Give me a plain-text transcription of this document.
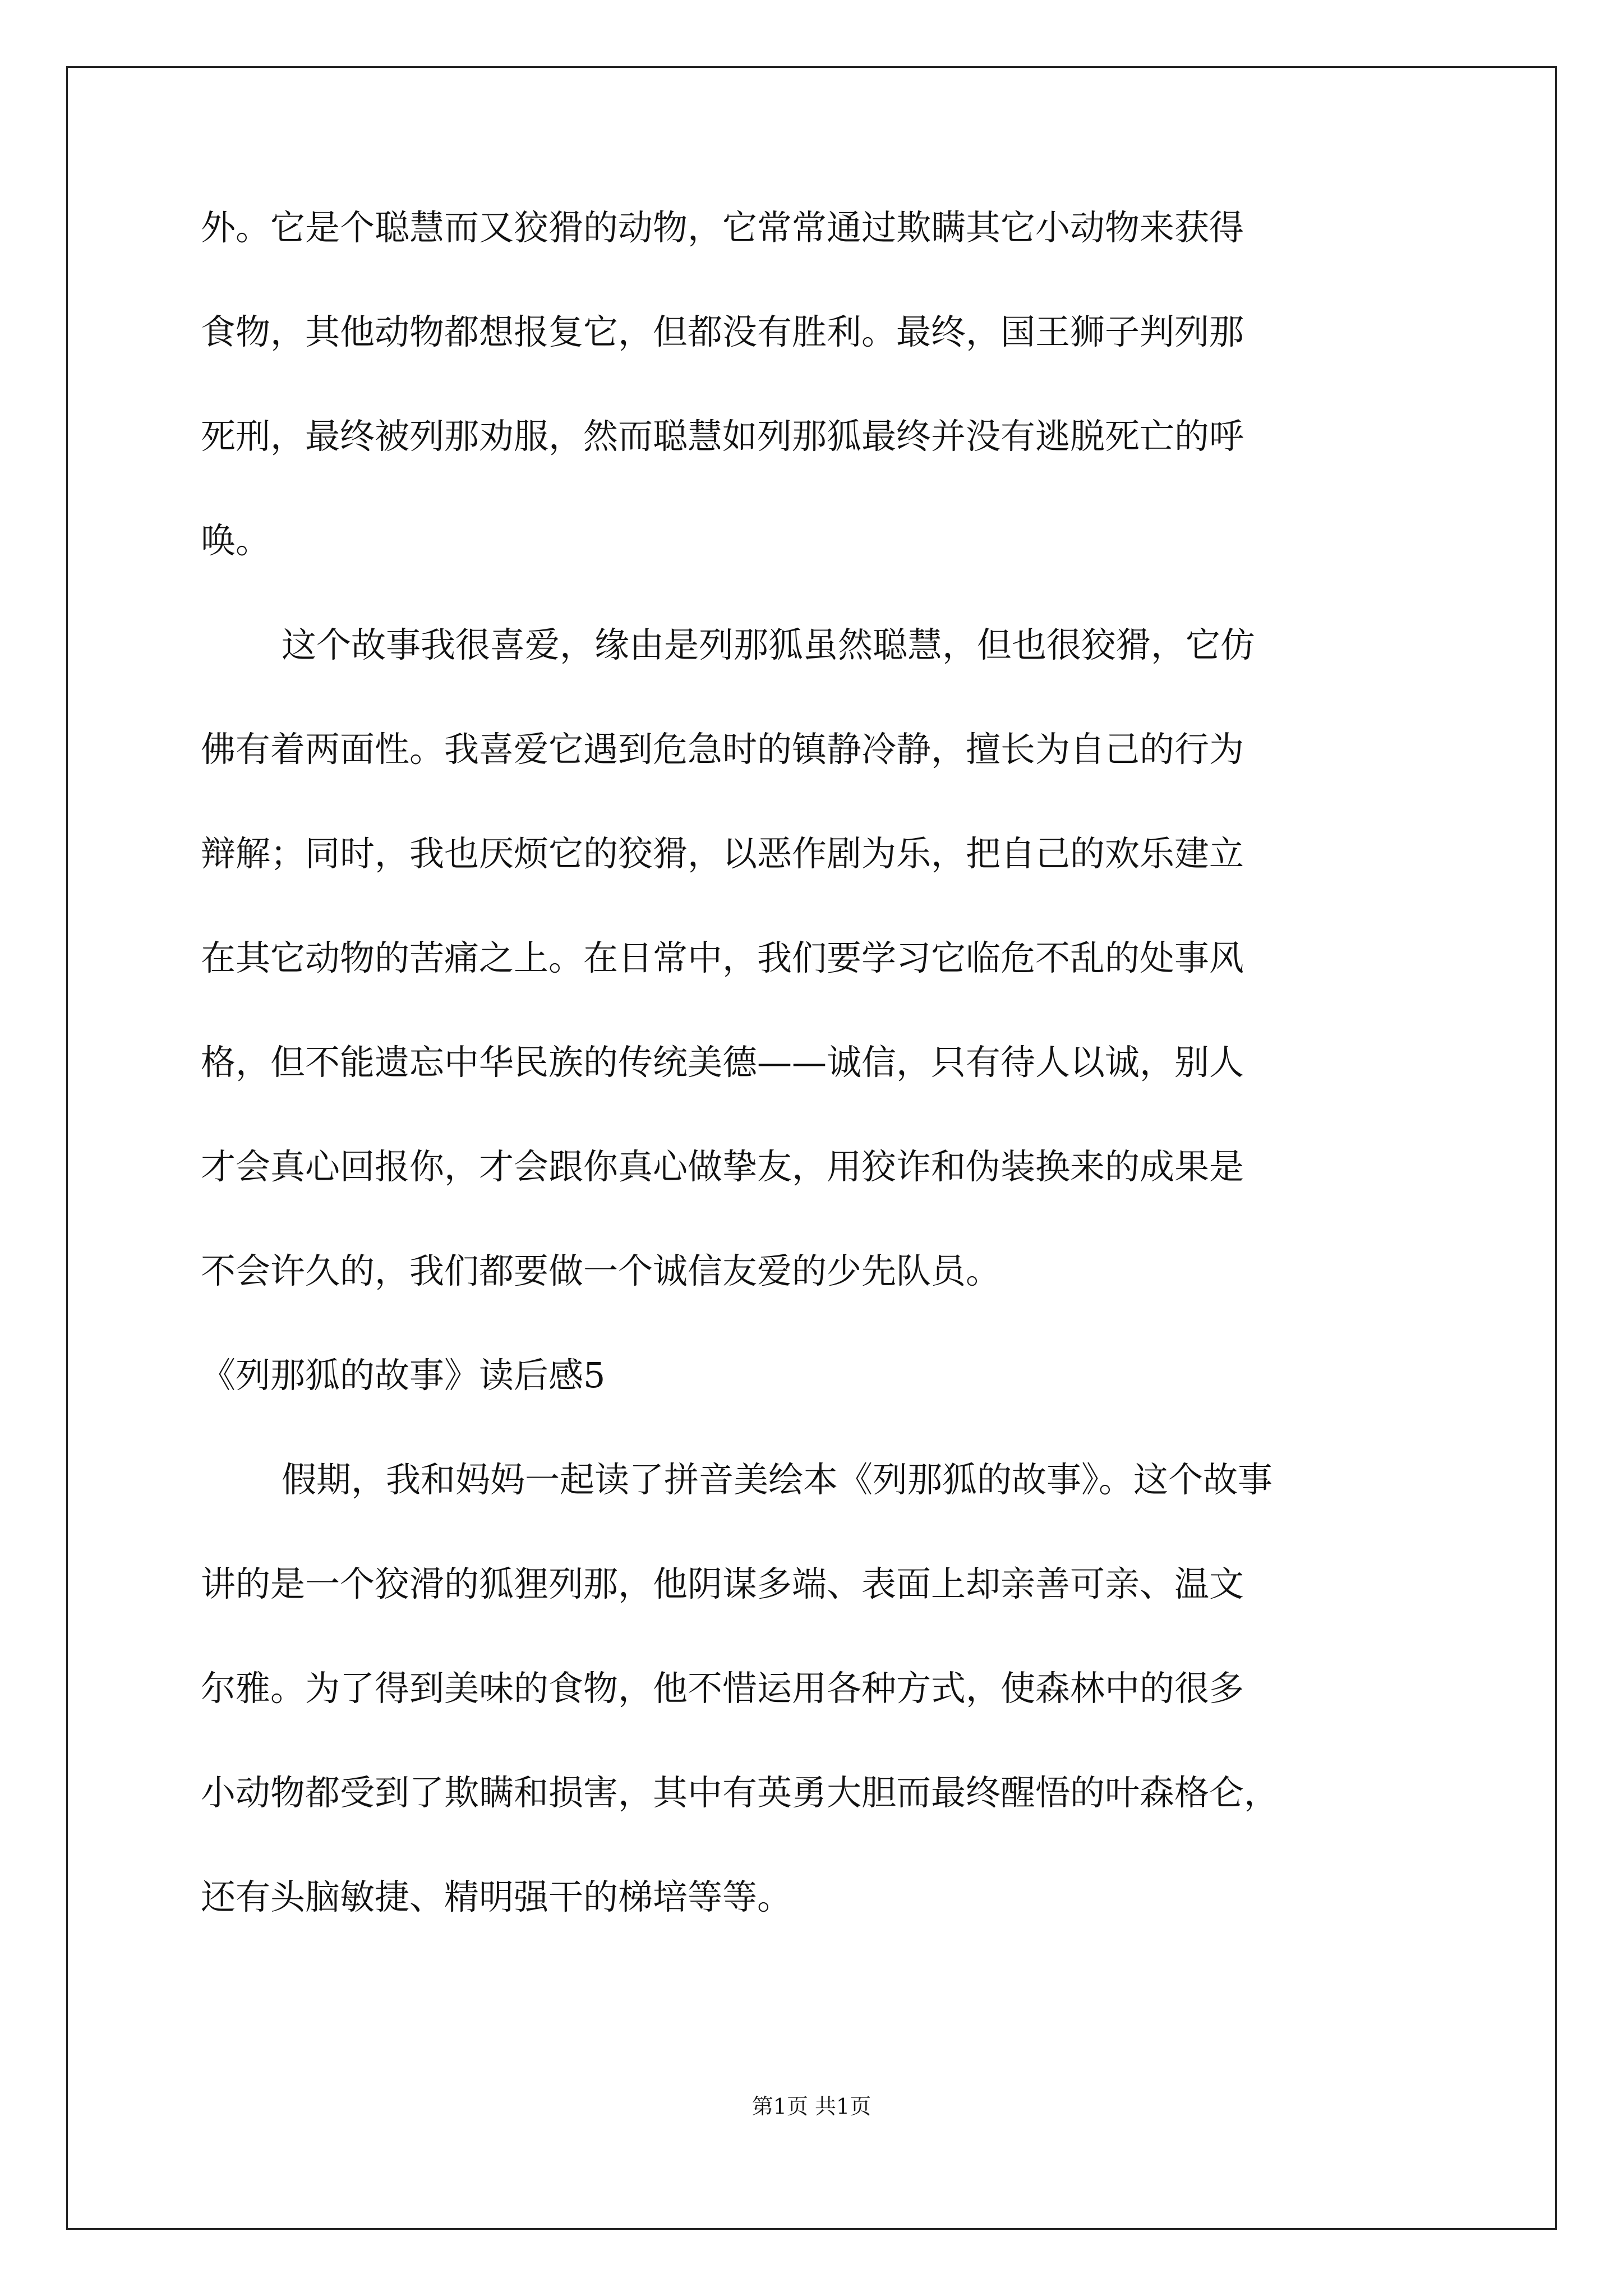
外。它是个聪慧而又狡猾的动物，它常常通过欺瞒其它小动物来获得

食物，其他动物都想报复它，但都没有胜利。最终，国王狮子判列那

死刑，最终被列那劝服，然而聪慧如列那狐最终并没有逃脱死亡的呼

唤。

这个故事我很喜爱，缘由是列那狐虽然聪慧，但也很狡猾，它仿

佛有着两面性。我喜爱它遇到危急时的镇静冷静，擅长为自己的行为

辩解；同时，我也厌烦它的狡猾，以恶作剧为乐，把自己的欢乐建立

在其它动物的苦痛之上。在日常中，我们要学习它临危不乱的处事风

格，但不能遗忘中华民族的传统美德——诚信，只有待人以诚，别人

才会真心回报你，才会跟你真心做挚友，用狡诈和伪装换来的成果是

不会许久的，我们都要做一个诚信友爱的少先队员。

《列那狐的故事》读后感5

假期，我和妈妈一起读了拼音美绘本《列那狐的故事》。这个故事

讲的是一个狡滑的狐狸列那，他阴谋多端、表面上却亲善可亲、温文

尔雅。为了得到美味的食物，他不惜运用各种方式，使森林中的很多

小动物都受到了欺瞒和损害，其中有英勇大胆而最终醒悟的叶森格仑，

还有头脑敏捷、精明强干的梯培等等。

第1页 共1页
